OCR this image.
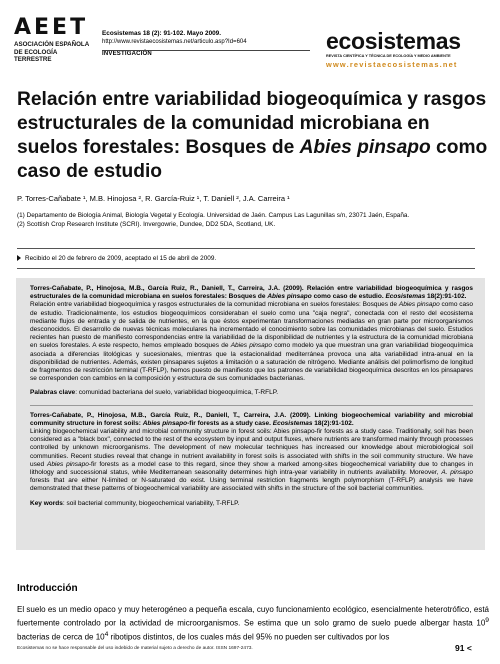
AEET
ASOCIACIÓN ESPAÑOLA
DE ECOLOGÍA TERRESTRE
Ecosistemas 18 (2): 91-102. Mayo 2009.
http://www.revistaecosistemas.net/articulo.asp?Id=604
INVESTIGACIÓN	ecosistemas
REVISTA CIENTÍFICA Y TÉCNICA DE ECOLOGÍA Y MEDIO AMBIENTE
www.revistaecosistemas.net
Relación entre variabilidad biogeoquímica y rasgos estructurales de la comunidad microbiana en suelos forestales: Bosques de Abies pinsapo como caso de estudio
P. Torres-Cañabate ¹, M.B. Hinojosa ², R. García-Ruiz ¹, T. Daniell ², J.A. Carreira ¹
(1) Departamento de Biología Animal, Biología Vegetal y Ecología. Universidad de Jaén. Campus Las Lagunillas s/n, 23071 Jaén, España.
(2) Scottish Crop Research Institute (SCRI). Invergowrie, Dundee, DD2 5DA, Scotland, UK.
Recibido el 20 de febrero de 2009, aceptado el 15 de abril de 2009.

Torres-Cañabate, P., Hinojosa, M.B., García Ruiz, R., Daniell, T., Carreira, J.A. (2009). Relación entre variabilidad biogeoquímica y rasgos estructurales de la comunidad microbiana en suelos forestales: Bosques de Abies pinsapo como caso de estudio. Ecosistemas 18(2):91-102.

Relación entre variabilidad biogeoquímica y rasgos estructurales de la comunidad microbiana en suelos forestales: Bosques de Abies pinsapo como caso de estudio. Tradicionalmente, los estudios biogeoquímicos consideraban el suelo como una "caja negra", conectada con el resto del ecosistema mediante flujos de entrada y de salida de nutrientes, en la que éstos experimentan transformaciones mediadas en gran parte por microorganismos desconocidos. El desarrollo de nuevas técnicas moleculares ha incrementado el conocimiento sobre las comunidades microbianas del suelo. Estudios recientes han puesto de manifiesto correspondencias entre la variabilidad de la disponibilidad de nutrientes y la estructura de la comunidad microbiana en suelos forestales. A este respecto, hemos empleado bosques de Abies pinsapo como modelo ya que muestran una gran variabilidad biogeoquímica asociada a diferencias litológicas y sucesionales, mientras que la estacionalidad mediterránea provoca una alta variabilidad intra-anual en la disponibilidad de nutrientes. Además, existen pinsapares sujetos a limitación o a saturación de nitrógeno. Mediante análisis del polimorfismo de longitud de fragmentos de restricción terminal (T-RFLP), hemos puesto de manifiesto que los patrones de variabilidad biogeoquímica descritos en los pinsapares se corresponden con cambios en la composición y estructura de sus comunidades bacterianas.

Palabras clave: comunidad bacteriana del suelo, variabilidad biogeoquímica, T-RFLP.

Torres-Cañabate, P., Hinojosa, M.B., García Ruiz, R., Daniell, T., Carreira, J.A. (2009). Linking biogeochemical variability and microbial community structure in forest soils: Abies pinsapo-fir forests as a study case. Ecosistemas 18(2):91-102.

Linking biogeochemical variability and microbial community structure in forest soils: Abies pinsapo-fir forests as a study case. Traditionally, soil has been considered as a "black box", connected to the rest of the ecosystem by input and output fluxes, where nutrients are transformed mainly through processes controlled by unknown microorganisms. The development of new molecular techniques has increased our knowledge about microbiological soil communities. Recent studies reveal that change in nutrient availability in forest soils is associated with shifts in the soil community structure. We have used Abies pinsapo-fir forests as a model case to this regard, since they show a marked among-sites biogeochemical variability due to changes in lithology and successional status, while Mediterranean seasonality determines high intra-year variability in nutrients availability. Moreover, A. pinsapo forests that are either N-limited or N-saturated do exist. Using terminal restriction fragments length polymorphism (T-RFLP) analysis we have demonstrated that these patterns of biogeochemical variability are associated with shifts in the structure of the soil bacterial communities.

Key words: soil bacterial community, biogeochemical variability, T-RFLP.

Introducción

El suelo es un medio opaco y muy heterogéneo a pequeña escala, cuyo funcionamiento ecológico, esencialmente heterotrófico, está fuertemente controlado por la actividad de microorganismos. Se estima que un solo gramo de suelo puede albergar hasta $10^9$ bacterias de cerca de $10^4$ ribotipos distintos, de los cuales más del 95% no pueden ser cultivados por los

Ecosistemas no se hace responsable del uso indebido de material sujeto a derecho de autor. ISSN 1697-2473.	91 <
